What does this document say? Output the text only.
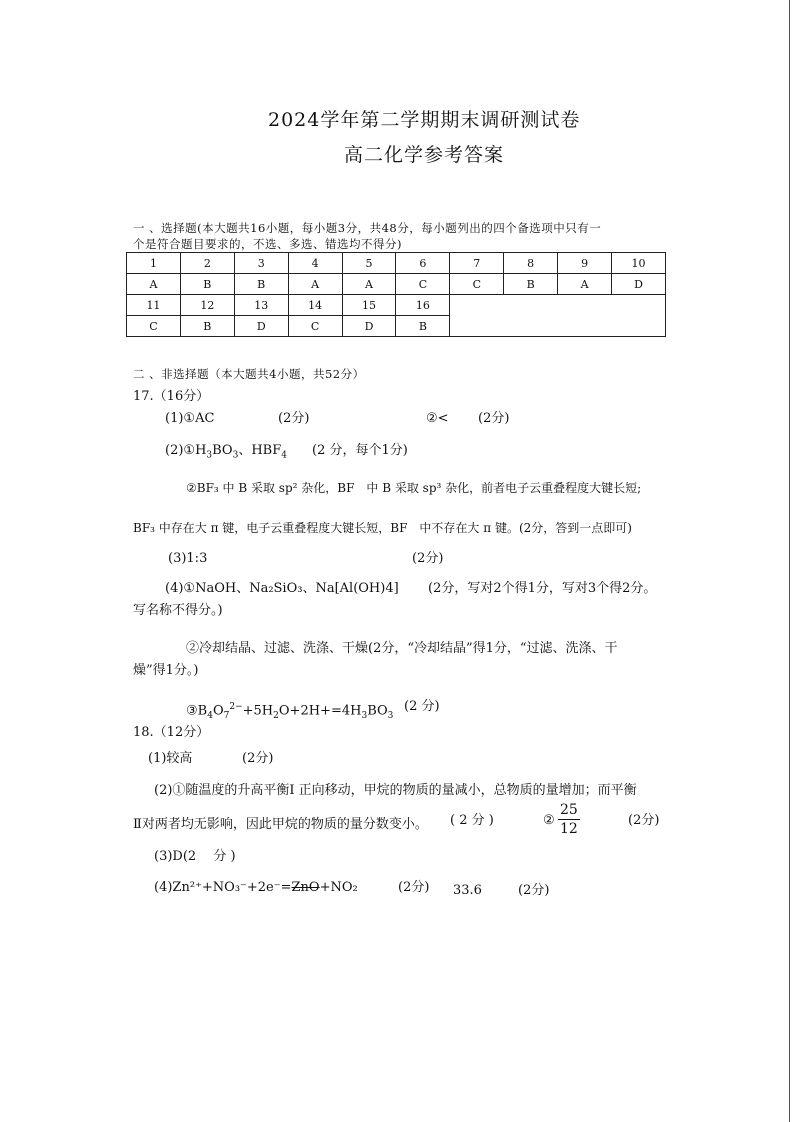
2024学年第二学期期末调研测试卷
高二化学参考答案
一 、选择题(本大题共16小题，每小题3分，共48分，每小题列出的四个备选项中只有一
个是符合题目要求的，不选、多选、错选均不得分)
1	2	3	4	5	6	7	8	9	10
A	B	B	A	A	C	C	B	A	D
11	12	13	14	15	16				
C	B	D	C	D	B				
二 、非选择题（本大题共4小题，共52分）
17.（16分）
(1)①AC	(2分)	②< (2分)
$(2)①H_3BO_3$、$HBF_4$ (2 分，每个1分)
②BF₃ 中 B 采取 sp² 杂化，BF　中 B 采取 sp³ 杂化，前者电子云重叠程度大键长短;
BF₃ 中存在大 π 键，电子云重叠程度大键长短，BF　中不存在大 π 键。(2分，答到一点即可)
(3)1:3	(2分)
(4)①NaOH、Na₂SiO₃、Na[Al(OH)4] (2分，写对2个得1分，写对3个得2分。
写名称不得分。)
②冷却结晶、过滤、洗涤、干燥(2分，“冷却结晶”得1分，“过滤、洗涤、干
燥”得1分。)
$③B_4O_7^{2-}+5H_2O+2H+=4H_3BO_3$
(2 分)
18.（12分）
(1)较高	(2分)
(2)①随温度的升高平衡I 正向移动，甲烷的物质的量减小，总物质的量增加；而平衡
Ⅱ对两者均无影响，因此甲烷的物质的量分数变小。 ( 2 分 )	② $\frac{25}{12}$	(2分)
(3)D(2　 分 )
(4)Zn²⁺+NO₃⁻+2e⁻=ZnO+NO₂	(2分) 33.6	(2分)
